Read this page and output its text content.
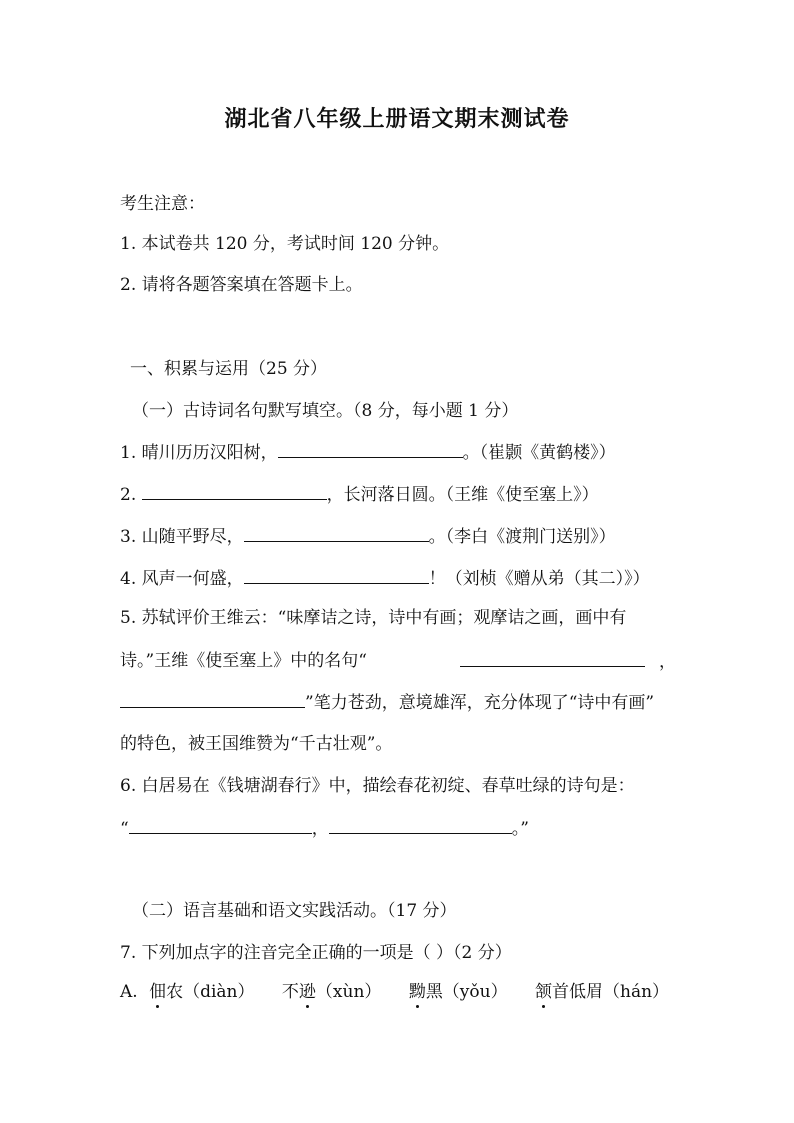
湖北省八年级上册语文期末测试卷
考生注意：
1. 本试卷共 120 分，考试时间 120 分钟。
2. 请将各题答案填在答题卡上。
一、积累与运用（25 分）
（一）古诗词名句默写填空。（8 分，每小题 1 分）
1. 晴川历历汉阳树，	。（崔颢《黄鹤楼》）
2.	，长河落日圆。（王维《使至塞上》）
3. 山随平野尽，	。（李白《渡荆门送别》）
4. 风声一何盛，	！（刘桢《赠从弟（其二）》）
5. 苏轼评价王维云：“味摩诘之诗，诗中有画；观摩诘之画，画中有
诗。”王维《使至塞上》中的名句“	，
”笔力苍劲，意境雄浑，充分体现了“诗中有画”
的特色，被王国维赞为“千古壮观”。
6. 白居易在《钱塘湖春行》中，描绘春花初绽、春草吐绿的诗句是：
“	，	。”
（二）语言基础和语文实践活动。（17 分）
7. 下列加点字的注音完全正确的一项是（ ）（2 分）
A. 佃农（diàn） 不逊（xùn） 黝黑（yǒu） 颔首低眉（hán）
